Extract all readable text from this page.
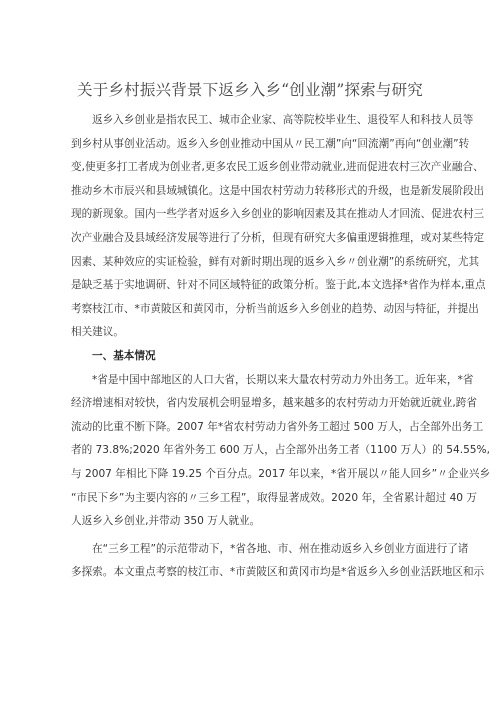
关于乡村振兴背景下返乡入乡“创业潮”探索与研究
返乡入乡创业是指农民工、城市企业家、高等院校毕业生、退役军人和科技人员等
到乡村从事创业活动。返乡入乡创业推动中国从〃民工潮”向“回流潮”再向“创业潮”转
变,使更多打工者成为创业者,更多农民工返乡创业带动就业,进而促进农村三次产业融合、
推动乡木市辰兴和县域城镇化。这是中国农村劳动力转移形式的升级，也是新发展阶段出
现的新现象。国内一些学者对返乡入乡创业的影响因素及其在推动人才回流、促进农村三
次产业融合及县域经济发展等进行了分析，但现有研究大多偏重逻辑推理，或对某些特定
因素、某种效应的实证检验，鲜有对新时期出现的返乡入乡〃创业潮”的系统研究，尤其
是缺乏基于实地调研、针对不同区域特征的政策分析。鉴于此,本文选择*省作为样本,重点
考察枝江市、*市黄陂区和黄冈市，分析当前返乡入乡创业的趋势、动因与特征，并提出
相关建议。
一、基本情况
*省是中国中部地区的人口大省，长期以来大量农村劳动力外出务工。近年来，*省
经济增速相对较快，省内发展机会明显增多，越来越多的农村劳动力开始就近就业,跨省
流动的比重不断下降。2007 年*省农村劳动力省外务工超过 500 万人，占全部外出务工
者的 73.8%;2020 年省外务工 600 万人，占全部外出务工者（1100 万人）的 54.55%,
与 2007 年相比下降 19.25 个百分点。2017 年以来，*省开展以〃能人回乡”〃企业兴乡
“市民下乡”为主要内容的〃三乡工程”，取得显著成效。2020 年，全省累计超过 40 万
人返乡入乡创业,并带动 350 万人就业。
在“三乡工程”的示范带动下，*省各地、市、州在推动返乡入乡创业方面进行了诸
多探索。本文重点考察的枝江市、*市黄陂区和黄冈市均是*省返乡入乡创业活跃地区和示
